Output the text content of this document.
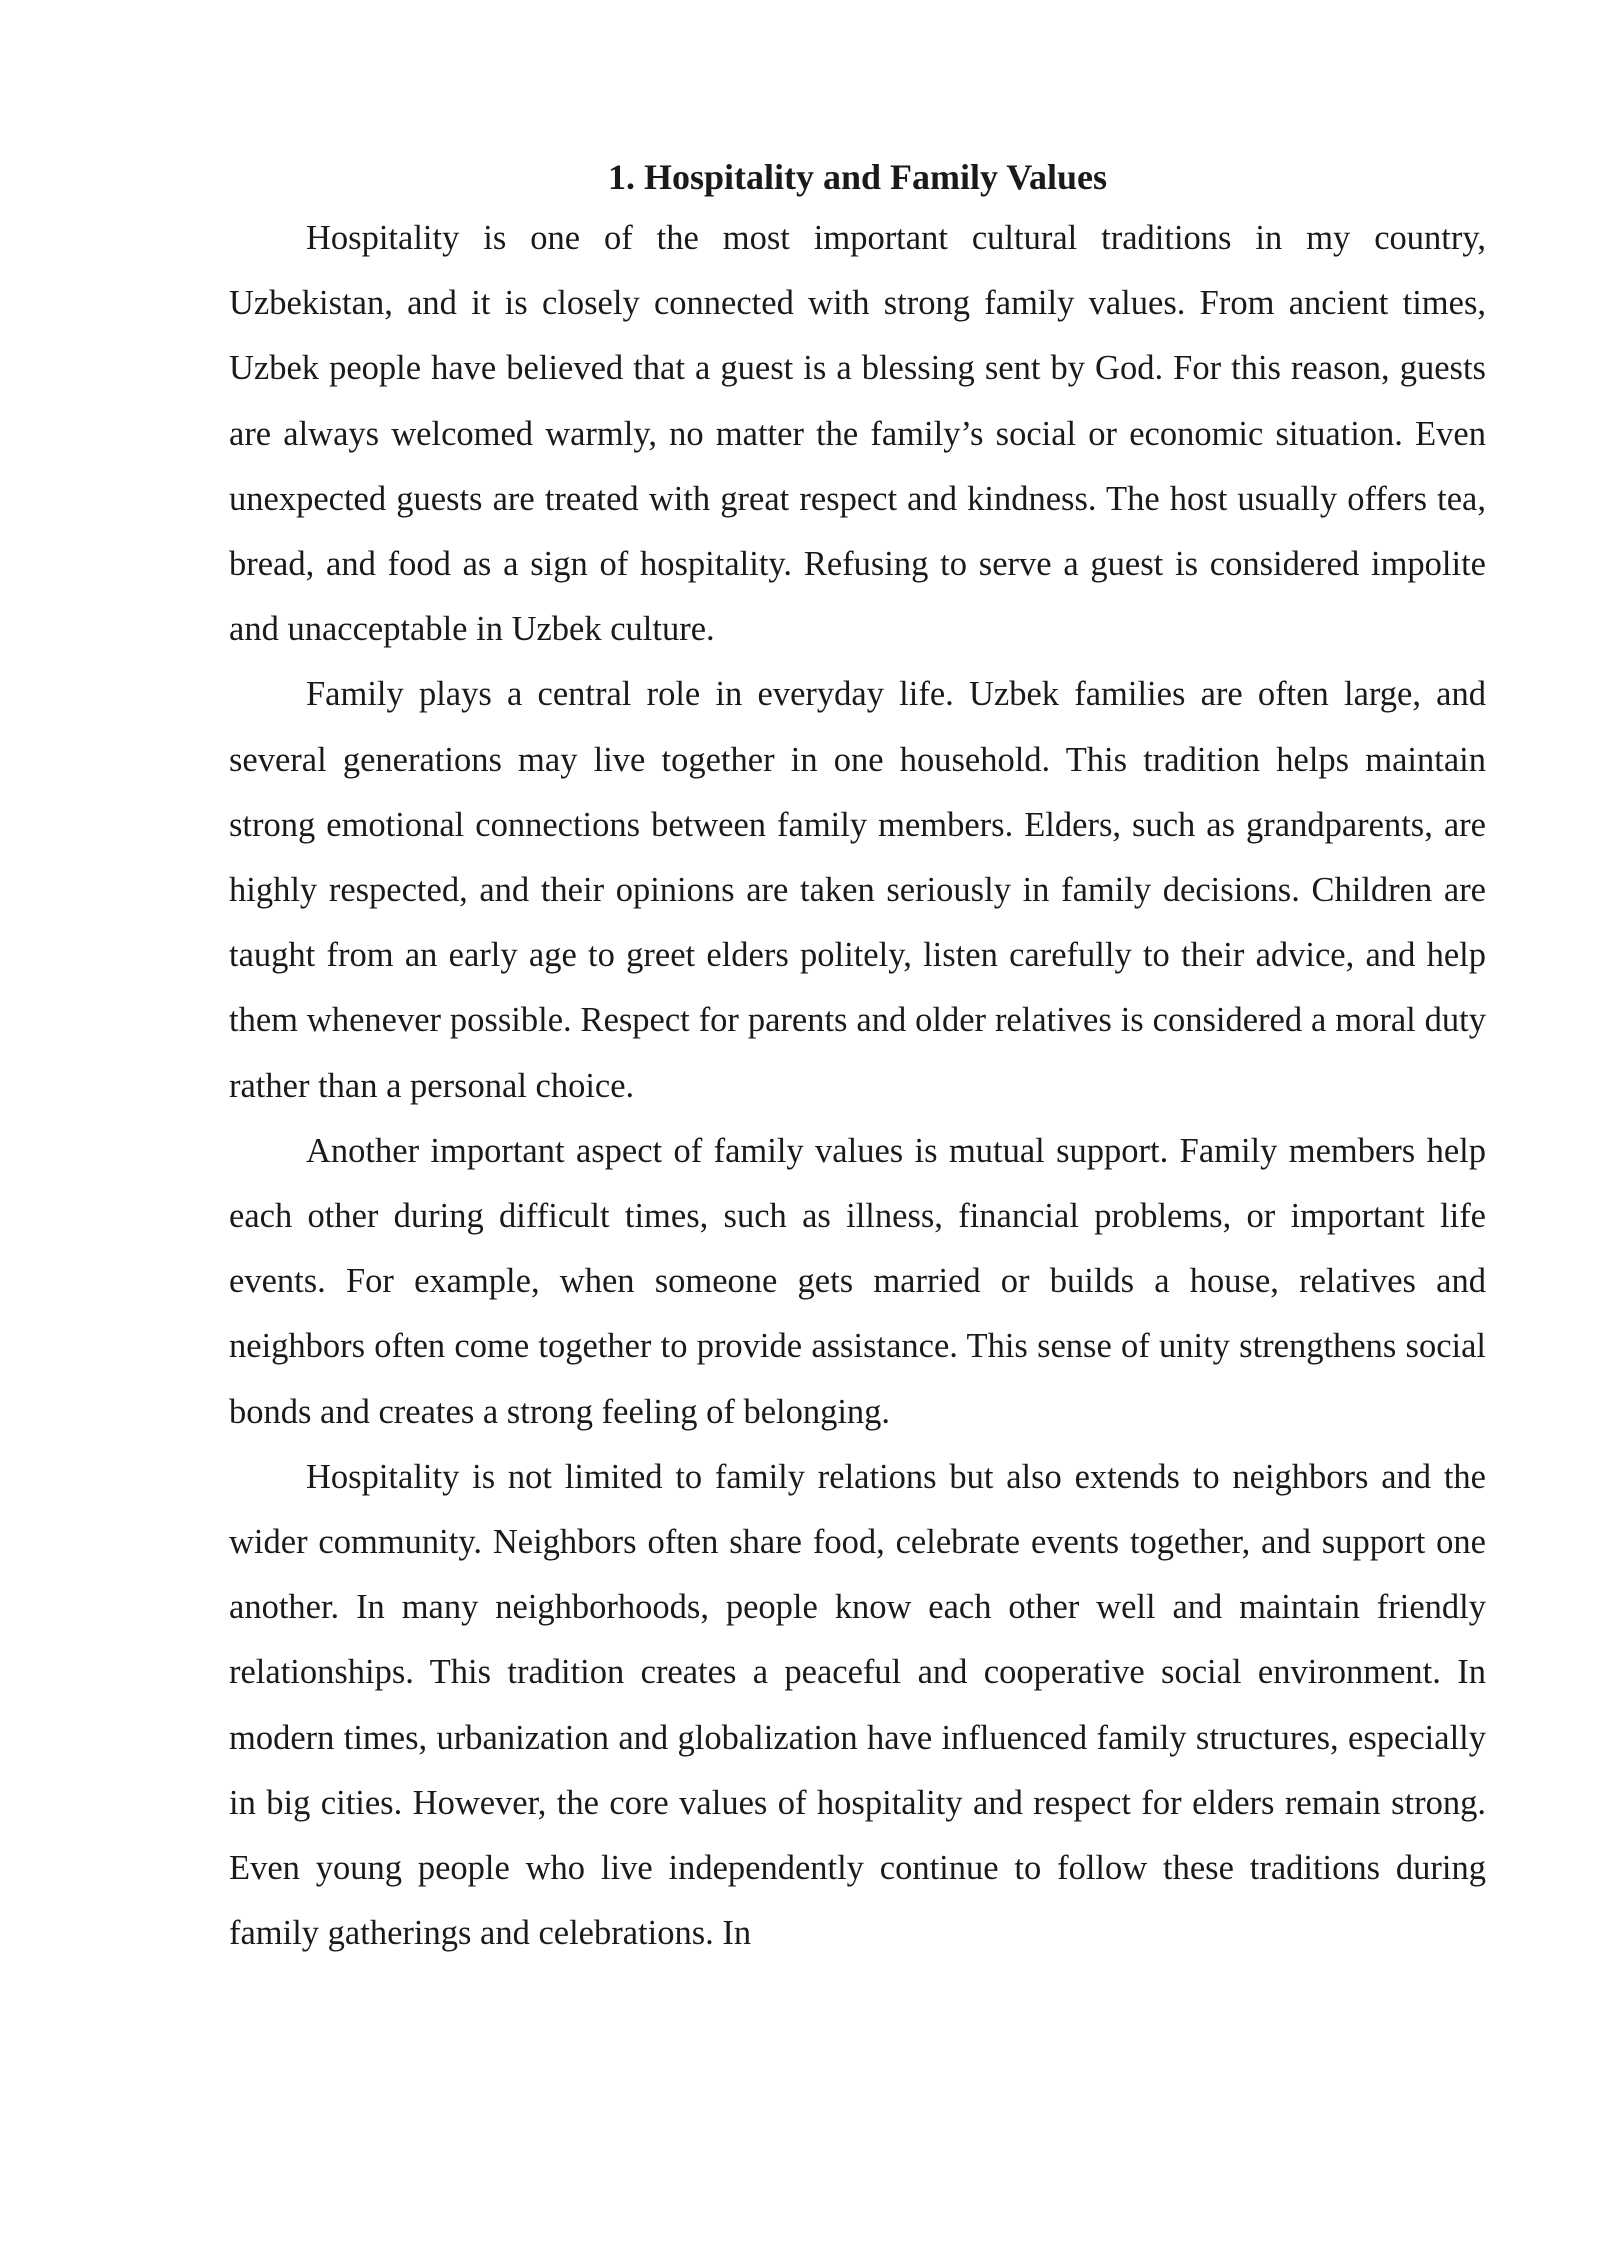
1. Hospitality and Family Values

Hospitality is one of the most important cultural traditions in my country, Uzbekistan, and it is closely connected with strong family values. From ancient times, Uzbek people have believed that a guest is a blessing sent by God. For this reason, guests are always welcomed warmly, no matter the family’s social or economic situation. Even unexpected guests are treated with great respect and kindness. The host usually offers tea, bread, and food as a sign of hospitality. Refusing to serve a guest is considered impolite and unacceptable in Uzbek culture.

Family plays a central role in everyday life. Uzbek families are often large, and several generations may live together in one household. This tradition helps maintain strong emotional connections between family members. Elders, such as grandparents, are highly respected, and their opinions are taken seriously in family decisions. Children are taught from an early age to greet elders politely, listen carefully to their advice, and help them whenever possible. Respect for parents and older relatives is considered a moral duty rather than a personal choice.

Another important aspect of family values is mutual support. Family members help each other during difficult times, such as illness, financial problems, or important life events. For example, when someone gets married or builds a house, relatives and neighbors often come together to provide assistance. This sense of unity strengthens social bonds and creates a strong feeling of belonging.

Hospitality is not limited to family relations but also extends to neighbors and the wider community. Neighbors often share food, celebrate events together, and support one another. In many neighborhoods, people know each other well and maintain friendly relationships. This tradition creates a peaceful and cooperative social environment. In modern times, urbanization and globalization have influenced family structures, especially in big cities. However, the core values of hospitality and respect for elders remain strong. Even young people who live independently continue to follow these traditions during family gatherings and celebrations. In
